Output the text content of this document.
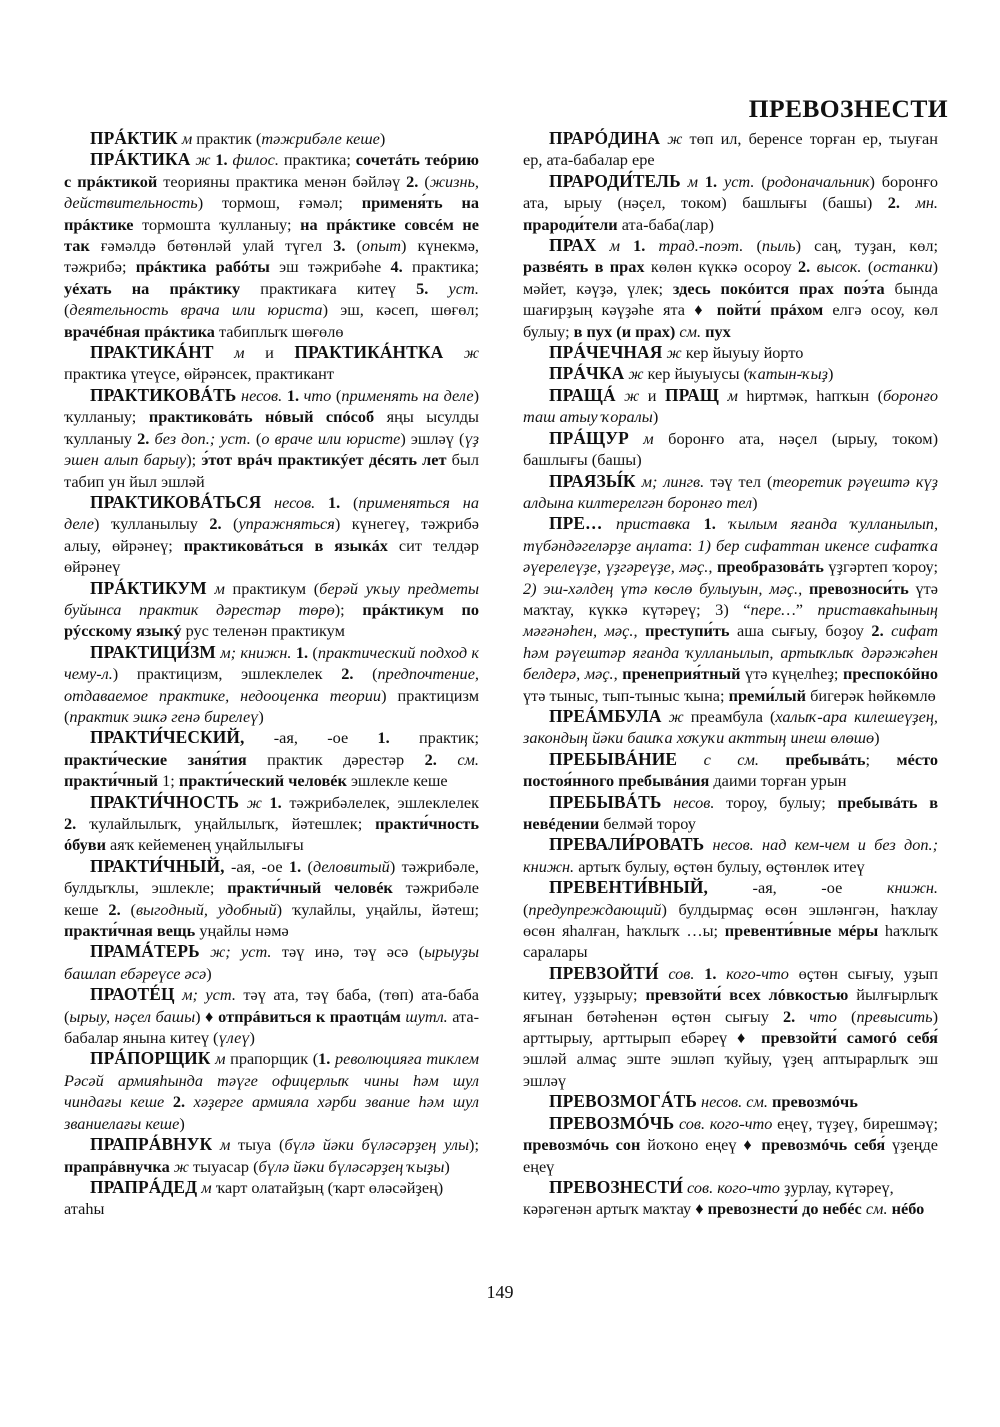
ПРЕВОЗНЕСТИ

ПРÁКТИК м практик (тәжрибәле кеше)

ПРÁКТИКА ж 1. филос. практика; сочетáть теóрию с прáктикой теорияны практика менән бәйләү 2. (жизнь, действительность) тормош, ғәмәл; применя́ть на прáктике тормошта ҡулланыу; на прáктике совсéм не так ғәмәлдә бөтөнләй улай түгел 3. (опыт) күнекмә, тәжрибә; прáктика рабóты эш тәжрибәһе 4. практика; уéхать на прáктику практикаға китеү 5. уст. (деятельность врача или юриста) эш, кәсеп, шөғөл; врачéбная прáктика табиплыҡ шөғөлө

ПРАКТИКÁНТ м и ПРАКТИКÁНТКА ж практика үтеүсе, өйрәнсек, практикант

ПРАКТИКОВÁТЬ несов. 1. что (применять на деле) ҡулланыу; практиковáть нóвый спóсоб яңы ысулды ҡулланыу 2. без доп.; уст. (о враче или юристе) эшләү (үҙ эшен алып барыу); э́тот врáч практикýет дéсять лет был табип ун йыл эшләй

ПРАКТИКОВÁТЬСЯ несов. 1. (применяться на деле) ҡулланылыу 2. (упражняться) күнегеү, тәжрибә алыу, өйрәнеү; практиковáться в языкáх сит телдәр өйрәнеү

ПРÁКТИКУМ м практикум (берәй уҡыу предметы буйынса практик дәрестәр төрө); прáктикум по рýсскому языкý рус теленән практикум

ПРАКТИЦИ́ЗМ м; книжн. 1. (практический подход к чему-л.) практицизм, эшлеклелек 2. (предпочтение, отдаваемое практике, недооценка теории) практицизм (практик эшкә генә бирелеү)

ПРАКТИ́ЧЕСКИЙ, -ая, -ое 1. практик; практи́ческие заня́тия практик дәрестәр 2. см. практи́чный 1; практи́ческий человéк эшлекле кеше

ПРАКТИ́ЧНОСТЬ ж 1. тәжрибәлелек, эшлеклелек 2. ҡулайлылыҡ, уңайлылыҡ, йәтешлек; практи́чность óбуви аяҡ кейеменең уңайлылығы

ПРАКТИ́ЧНЫЙ, -ая, -ое 1. (деловитый) тәжрибәле, булдыҡлы, эшлекле; практи́чный человéк тәжрибәле кеше 2. (выгодный, удобный) ҡулайлы, уңайлы, йәтеш; практи́чная вещь уңайлы нәмә

ПРАМÁТЕРЬ ж; уст. тәү инә, тәү әсә (ырыуҙы башлап ебәреүсе әсә)

ПРАОТÉЦ м; уст. тәү ата, тәү баба, (төп) ата-баба (ырыу, нәҫел башы) ♦ отпрáвиться к праотцáм шутл. ата-бабалар янына китеү (үлеү)

ПРÁПОРЩИК м прапорщик (1. революцияға тиклем Рәсәй армияһында тәүге офицерлыҡ чины һәм шул чиндағы кеше 2. хәҙерге армияла хәрби звание һәм шул званиелағы кеше)

ПРАПРÁВНУК м тыуа (бүлә йәки бүләсәрҙең улы); прапрáвнучка ж тыуасар (бүлә йәки бүләсәрҙең ҡыҙы)

ПРАПРÁДЕД м ҡарт олатайҙың (ҡарт өләсәйҙең) атаһы

ПРАРÓДИНА ж төп ил, беренсе торған ер, тыуған ер, ата-бабалар ере

ПРАРОДИ́ТЕЛЬ м 1. уст. (родоначальник) боронғо ата, ырыу (нәҫел, током) башлығы (башы) 2. мн. прароди́тели ата-баба(лар)

ПРАХ м 1. трад.-поэт. (пыль) саң, туҙан, көл; развéять в прах көлөн күккә осороу 2. высок. (останки) мәйет, кәүҙә, үлек; здесь покóится прах поэ́та бында шағирҙың кәүҙәһе ята ♦ пойти́ прáхом елгә осоу, көл булыу; в пух (и прах) см. пух

ПРÁЧЕЧНАЯ ж кер йыуыу йорто

ПРÁЧКА ж кер йыуыусы (ҡатын-ҡыҙ)

ПРАЩÁ ж и ПРАЩ м һиртмәк, һапҡын (боронғо таш атыу ҡоралы)

ПРÁЩУР м боронғо ата, нәҫел (ырыу, током) башлығы (башы)

ПРАЯЗЫ́К м; лингв. тәү тел (теоретик рәүештә күҙ алдына килтерелгән боронғо тел)

ПРЕ… приставка 1. ҡылым яғанда ҡулланылып, түбәндәгеләрҙе аңлата: 1) бер сифаттан икенсе сифатҡа әүерелеүҙе, үҙгәреүҙе, мәҫ., преобразовáть үҙгәртеп ҡороу; 2) эш-хәлдең үтә көслө булыуын, мәҫ., превозноси́ть үтә маҡтау, күккә күтәреү; 3) “пере…” приставкаһының мәғәнәһен, мәҫ., преступи́ть аша сығыу, боҙоу 2. сифат һәм рәүештәр яғанда ҡулланылып, артыҡлыҡ дәрәжәһен белдерә, мәҫ., пренеприя́тный үтә күңелһеҙ; преспокóйно үтә тыныс, тып-тыныс ҡына; преми́лый бигерәк һөйкөмлө

ПРЕÁМБУЛА ж преамбула (халыҡ-ара килешеүҙең, закондың йәки башҡа хоҡуҡи акттың инеш өлөшө)

ПРЕБЫВÁНИЕ с см. пребывáть; мéсто постоя́нного пребывáния даими торған урын

ПРЕБЫВÁТЬ несов. тороу, булыу; пребывáть в невéдении белмәй тороу

ПРЕВАЛИ́РОВАТЬ несов. над кем-чем и без доп.; книжн. артыҡ булыу, өҫтөн булыу, өҫтөнлөк итеү

ПРЕВЕНТИ́ВНЫЙ, -ая, -ое книжн. (предупреждающий) булдырмаҫ өсөн эшләнгән, һаҡлау өсөн яһалған, һаҡлыҡ …ы; превенти́вные мéры һаҡлыҡ саралары

ПРЕВЗОЙТИ́ сов. 1. кого-что өҫтөн сығыу, уҙып китеү, уҙҙырыу; превзойти́ всех лóвкостью йылғырлыҡ яғынан бөтәһенән өҫтөн сығыу 2. что (превысить) арттырыу, арттырып ебәреү ♦ превзойти́ самогó себя́ эшләй алмаҫ эште эшләп ҡуйыу, үҙең аптырарлыҡ эш эшләү

ПРЕВОЗМОГÁТЬ несов. см. превозмóчь

ПРЕВОЗМÓЧЬ сов. кого-что еңеү, түҙеү, бирешмәү; превозмóчь сон йоҡоно еңеү ♦ превозмóчь себя́ үҙеңде еңеү

ПРЕВОЗНЕСТИ́ сов. кого-что ҙурлау, күтәреү, кәрәгенән артыҡ маҡтау ♦ превознести́ до небéс см. нéбо

149
